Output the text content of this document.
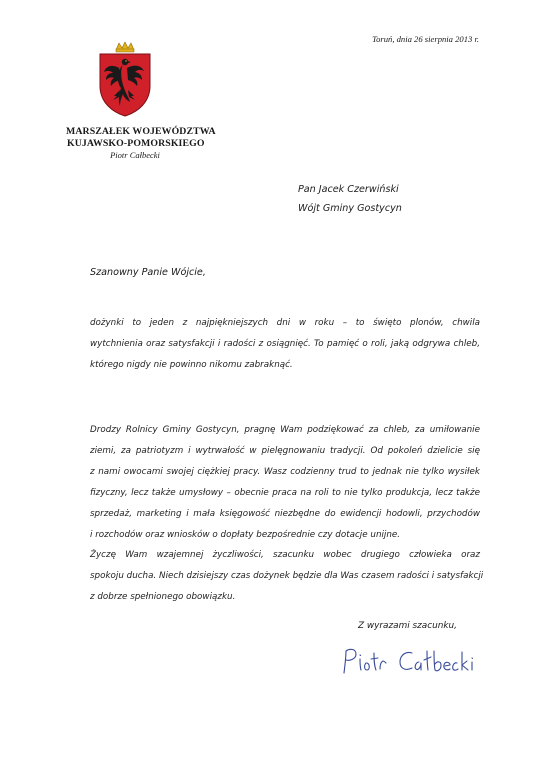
Toruń, dnia 26 sierpnia 2013 r.
MARSZAŁEK WOJEWÓDZTWA
KUJAWSKO-POMORSKIEGO
Piotr Całbecki
Pan Jacek Czerwiński
Wójt Gminy Gostycyn
Szanowny Panie Wójcie,
dożynki to jeden z najpiękniejszych dni w roku – to święto plonów, chwila
wytchnienia oraz satysfakcji i radości z osiągnięć. To pamięć o roli, jaką odgrywa chleb,
którego nigdy nie powinno nikomu zabraknąć.
Drodzy Rolnicy Gminy Gostycyn, pragnę Wam podziękować za chleb, za umiłowanie
ziemi, za patriotyzm i wytrwałość w pielęgnowaniu tradycji. Od pokoleń dzielicie się
z nami owocami swojej ciężkiej pracy. Wasz codzienny trud to jednak nie tylko wysiłek
fizyczny, lecz także umysłowy – obecnie praca na roli to nie tylko produkcja, lecz także
sprzedaż, marketing i mała księgowość niezbędne do ewidencji hodowli, przychodów
i rozchodów oraz wniosków o dopłaty bezpośrednie czy dotacje unijne.
Życzę Wam wzajemnej życzliwości, szacunku wobec drugiego człowieka oraz
spokoju ducha. Niech dzisiejszy czas dożynek będzie dla Was czasem radości i satysfakcji
z dobrze spełnionego obowiązku.
Z wyrazami szacunku,
